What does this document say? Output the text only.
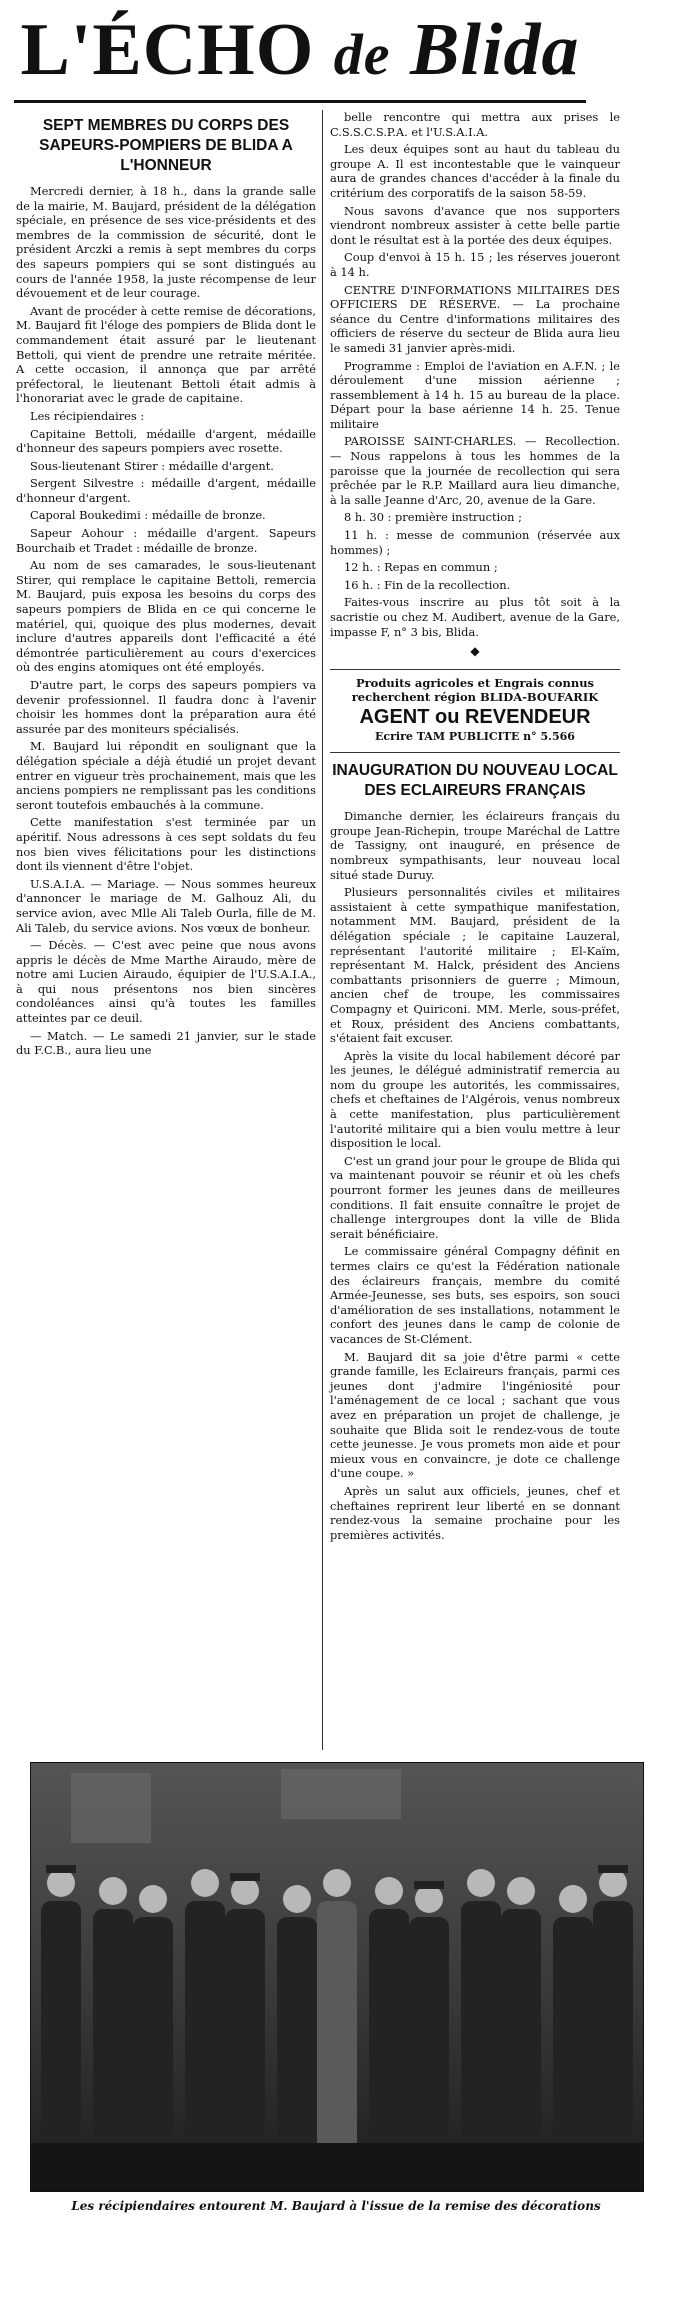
L'ÉCHO de Blida
SEPT MEMBRES DU CORPS DES SAPEURS-POMPIERS DE BLIDA A L'HONNEUR

Mercredi dernier, à 18 h., dans la grande salle de la mairie, M. Baujard, président de la délégation spéciale, en présence de ses vice-présidents et des membres de la commission de sécurité, dont le président Arczki a remis à sept membres du corps des sapeurs pompiers qui se sont distingués au cours de l'année 1958, la juste récompense de leur dévouement et de leur courage.

Avant de procéder à cette remise de décorations, M. Baujard fit l'éloge des pompiers de Blida dont le commandement était assuré par le lieutenant Bettoli, qui vient de prendre une retraite méritée. A cette occasion, il annonça que par arrêté préfectoral, le lieutenant Bettoli était admis à l'honorariat avec le grade de capitaine.

Les récipiendaires :

Capitaine Bettoli, médaille d'argent, médaille d'honneur des sapeurs pompiers avec rosette.

Sous-lieutenant Stirer : médaille d'argent.

Sergent Silvestre : médaille d'argent, médaille d'honneur d'argent.

Caporal Boukedimi : médaille de bronze.

Sapeur Aohour : médaille d'argent. Sapeurs Bourchaib et Tradet : médaille de bronze.

Au nom de ses camarades, le sous-lieutenant Stirer, qui remplace le capitaine Bettoli, remercia M. Baujard, puis exposa les besoins du corps des sapeurs pompiers de Blida en ce qui concerne le matériel, qui, quoique des plus modernes, devait inclure d'autres appareils dont l'efficacité a été démontrée particulièrement au cours d'exercices où des engins atomiques ont été employés.

D'autre part, le corps des sapeurs pompiers va devenir professionnel. Il faudra donc à l'avenir choisir les hommes dont la préparation aura été assurée par des moniteurs spécialisés.

M. Baujard lui répondit en soulignant que la délégation spéciale a déjà étudié un projet devant entrer en vigueur très prochainement, mais que les anciens pompiers ne remplissant pas les conditions seront toutefois embauchés à la commune.

Cette manifestation s'est terminée par un apéritif. Nous adressons à ces sept soldats du feu nos bien vives félicitations pour les distinctions dont ils viennent d'être l'objet.

U.S.A.I.A. — Mariage. — Nous sommes heureux d'annoncer le mariage de M. Galhouz Ali, du service avion, avec Mlle Ali Taleb Ourla, fille de M. Ali Taleb, du service avions. Nos vœux de bonheur.

— Décès. — C'est avec peine que nous avons appris le décès de Mme Marthe Airaudo, mère de notre ami Lucien Airaudo, équipier de l'U.S.A.I.A., à qui nous présentons nos bien sincères condoléances ainsi qu'à toutes les familles atteintes par ce deuil.

— Match. — Le samedi 21 janvier, sur le stade du F.C.B., aura lieu une

belle rencontre qui mettra aux prises le C.S.S.C.S.P.A. et l'U.S.A.I.A.

Les deux équipes sont au haut du tableau du groupe A. Il est incontestable que le vainqueur aura de grandes chances d'accéder à la finale du critérium des corporatifs de la saison 58-59.

Nous savons d'avance que nos supporters viendront nombreux assister à cette belle partie dont le résultat est à la portée des deux équipes.

Coup d'envoi à 15 h. 15 ; les réserves joueront à 14 h.

CENTRE D'INFORMATIONS MILITAIRES DES OFFICIERS DE RÉSERVE. — La prochaine séance du Centre d'informations militaires des officiers de réserve du secteur de Blida aura lieu le samedi 31 janvier après-midi.

Programme : Emploi de l'aviation en A.F.N. ; le déroulement d'une mission aérienne ; rassemblement à 14 h. 15 au bureau de la place. Départ pour la base aérienne 14 h. 25. Tenue militaire

PAROISSE SAINT-CHARLES. — Recollection. — Nous rappelons à tous les hommes de la paroisse que la journée de recollection qui sera prêchée par le R.P. Maillard aura lieu dimanche, à la salle Jeanne d'Arc, 20, avenue de la Gare.

8 h. 30 : première instruction ;

11 h. : messe de communion (réservée aux hommes) ;

12 h. : Repas en commun ;

16 h. : Fin de la recollection.

Faites-vous inscrire au plus tôt soit à la sacristie ou chez M. Audibert, avenue de la Gare, impasse F, n° 3 bis, Blida.

◆
Produits agricoles et Engrais connus recherchent région BLIDA-BOUFARIK
AGENT ou REVENDEUR
Ecrire TAM PUBLICITE n° 5.566
INAUGURATION DU NOUVEAU LOCAL DES ECLAIREURS FRANÇAIS

Dimanche dernier, les éclaireurs français du groupe Jean-Richepin, troupe Maréchal de Lattre de Tassigny, ont inauguré, en présence de nombreux sympathisants, leur nouveau local situé stade Duruy.

Plusieurs personnalités civiles et militaires assistaient à cette sympathique manifestation, notamment MM. Baujard, président de la délégation spéciale ; le capitaine Lauzeral, représentant l'autorité militaire ; El-Kaïm, représentant M. Halck, président des Anciens combattants prisonniers de guerre ; Mimoun, ancien chef de troupe, les commissaires Compagny et Quiriconi. MM. Merle, sous-préfet, et Roux, président des Anciens combattants, s'étaient fait excuser.

Après la visite du local habilement décoré par les jeunes, le délégué administratif remercia au nom du groupe les autorités, les commissaires, chefs et cheftaines de l'Algérois, venus nombreux à cette manifestation, plus particulièrement l'autorité militaire qui a bien voulu mettre à leur disposition le local.

C'est un grand jour pour le groupe de Blida qui va maintenant pouvoir se réunir et où les chefs pourront former les jeunes dans de meilleures conditions. Il fait ensuite connaître le projet de challenge intergroupes dont la ville de Blida serait bénéficiaire.

Le commissaire général Compagny définit en termes clairs ce qu'est la Fédération nationale des éclaireurs français, membre du comité Armée-Jeunesse, ses buts, ses espoirs, son souci d'amélioration de ses installations, notamment le confort des jeunes dans le camp de colonie de vacances de St-Clément.

M. Baujard dit sa joie d'être parmi « cette grande famille, les Eclaireurs français, parmi ces jeunes dont j'admire l'ingéniosité pour l'aménagement de ce local ; sachant que vous avez en préparation un projet de challenge, je souhaite que Blida soit le rendez-vous de toute cette jeunesse. Je vous promets mon aide et pour mieux vous en convaincre, je dote ce challenge d'une coupe. »

Après un salut aux officiels, jeunes, chef et cheftaines reprirent leur liberté en se donnant rendez-vous la semaine prochaine pour les premières activités.

Les récipiendaires entourent M. Baujard à l'issue de la remise des décorations
